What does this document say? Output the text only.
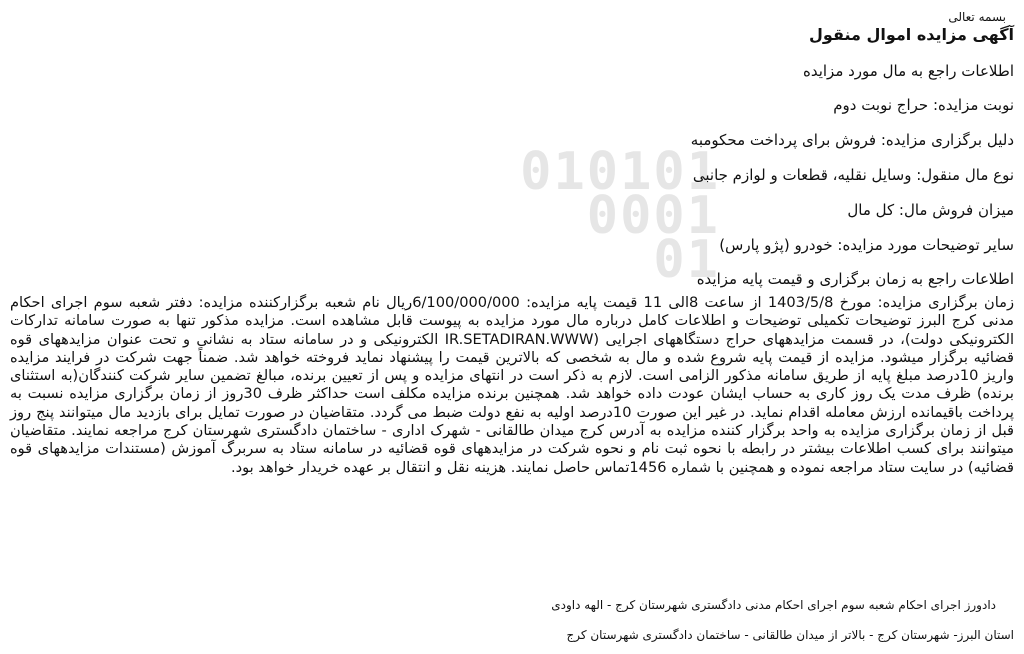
010101
0001
01
بسمه تعالی
آگهی مزایده اموال منقول
اطلاعات راجع به مال مورد مزایده
نوبت مزایده: حراج نوبت دوم
دلیل برگزاری مزایده: فروش برای پرداخت محکومبه
نوع مال منقول: وسایل نقلیه، قطعات و لوازم جانبی
میزان فروش مال: کل مال
سایر توضیحات مورد مزایده: خودرو (پژو پارس)
اطلاعات راجع به زمان برگزاری و قیمت پایه مزایده
زمان برگزاری مزایده: مورخ 1403/5/8 از ساعت 8الی 11 قیمت پایه مزایده: 6/100/000/000ریال نام شعبه برگزارکننده مزایده: دفتر شعبه سوم اجرای احکام مدنی کرج البرز توضیحات تکمیلی توضیحات و اطلاعات کامل درباره مال مورد مزایده به پیوست قابل مشاهده است. مزایده مذکور تنها به صورت سامانه تدارکات الکترونیکی دولت)، در قسمت مزایدههای حراج دستگاههای اجرایی (IR.SETADIRAN.WWW الکترونیکی و در سامانه ستاد به نشانی و تحت عنوان مزایدههای قوه قضائیه برگزار میشود. مزایده از قیمت پایه شروع شده و مال به شخصی که بالاترین قیمت را پیشنهاد نماید فروخته خواهد شد. ضمناً جهت شرکت در فرایند مزایده واریز 10درصد مبلغ پایه از طریق سامانه مذکور الزامی است. لازم به ذکر است در انتهای مزایده و پس از تعیین برنده، مبالغ تضمین سایر شرکت کنندگان(به استثنای برنده) ظرف مدت یک روز کاری به حساب ایشان عودت داده خواهد شد. همچنین برنده مزایده مکلف است حداکثر ظرف 30روز از زمان برگزاری مزایده نسبت به پرداخت باقیمانده ارزش معامله اقدام نماید. در غیر این صورت 10درصد اولیه به نفع دولت ضبط می گردد. متقاضیان در صورت تمایل برای بازدید مال میتوانند پنج روز قبل از زمان برگزاری مزایده به واحد برگزار کننده مزایده به آدرس کرج میدان طالقانی - شهرک اداری - ساختمان دادگستری شهرستان کرج مراجعه نمایند. متقاضیان میتوانند برای کسب اطلاعات بیشتر در رابطه با نحوه ثبت نام و نحوه شرکت در مزایدههای قوه قضائیه در سامانه ستاد به سربرگ آموزش (مستندات مزایدههای قوه قضائیه) در سایت ستاد مراجعه نموده و همچنین با شماره 1456تماس حاصل نمایند. هزینه نقل و انتقال بر عهده خریدار خواهد بود.
دادورز اجرای احکام شعبه سوم اجرای احکام مدنی دادگستری شهرستان کرج - الهه داودی
استان البرز- شهرستان کرج - بالاتر از میدان طالقانی - ساختمان دادگستری شهرستان کرج
